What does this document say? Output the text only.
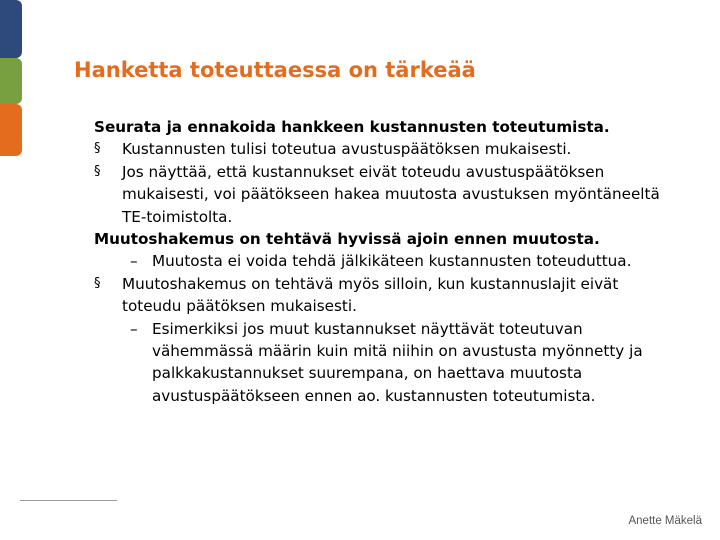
Hanketta toteuttaessa on tärkeää
Seurata ja ennakoida hankkeen kustannusten toteutumista.
§ Kustannusten tulisi toteutua avustuspäätöksen mukaisesti.
§ Jos näyttää, että kustannukset eivät toteudu avustuspäätöksen
mukaisesti, voi päätökseen hakea muutosta avustuksen myöntäneeltä
TE-toimistolta.
Muutoshakemus on tehtävä hyvissä ajoin ennen muutosta.
– Muutosta ei voida tehdä jälkikäteen kustannusten toteuduttua.
§ Muutoshakemus on tehtävä myös silloin, kun kustannuslajit eivät
toteudu päätöksen mukaisesti.
– Esimerkiksi jos muut kustannukset näyttävät toteutuvan
vähemmässä määrin kuin mitä niihin on avustusta myönnetty ja
palkkakustannukset suurempana, on haettava muutosta
avustuspäätökseen ennen ao. kustannusten toteutumista.
Anette Mäkelä
